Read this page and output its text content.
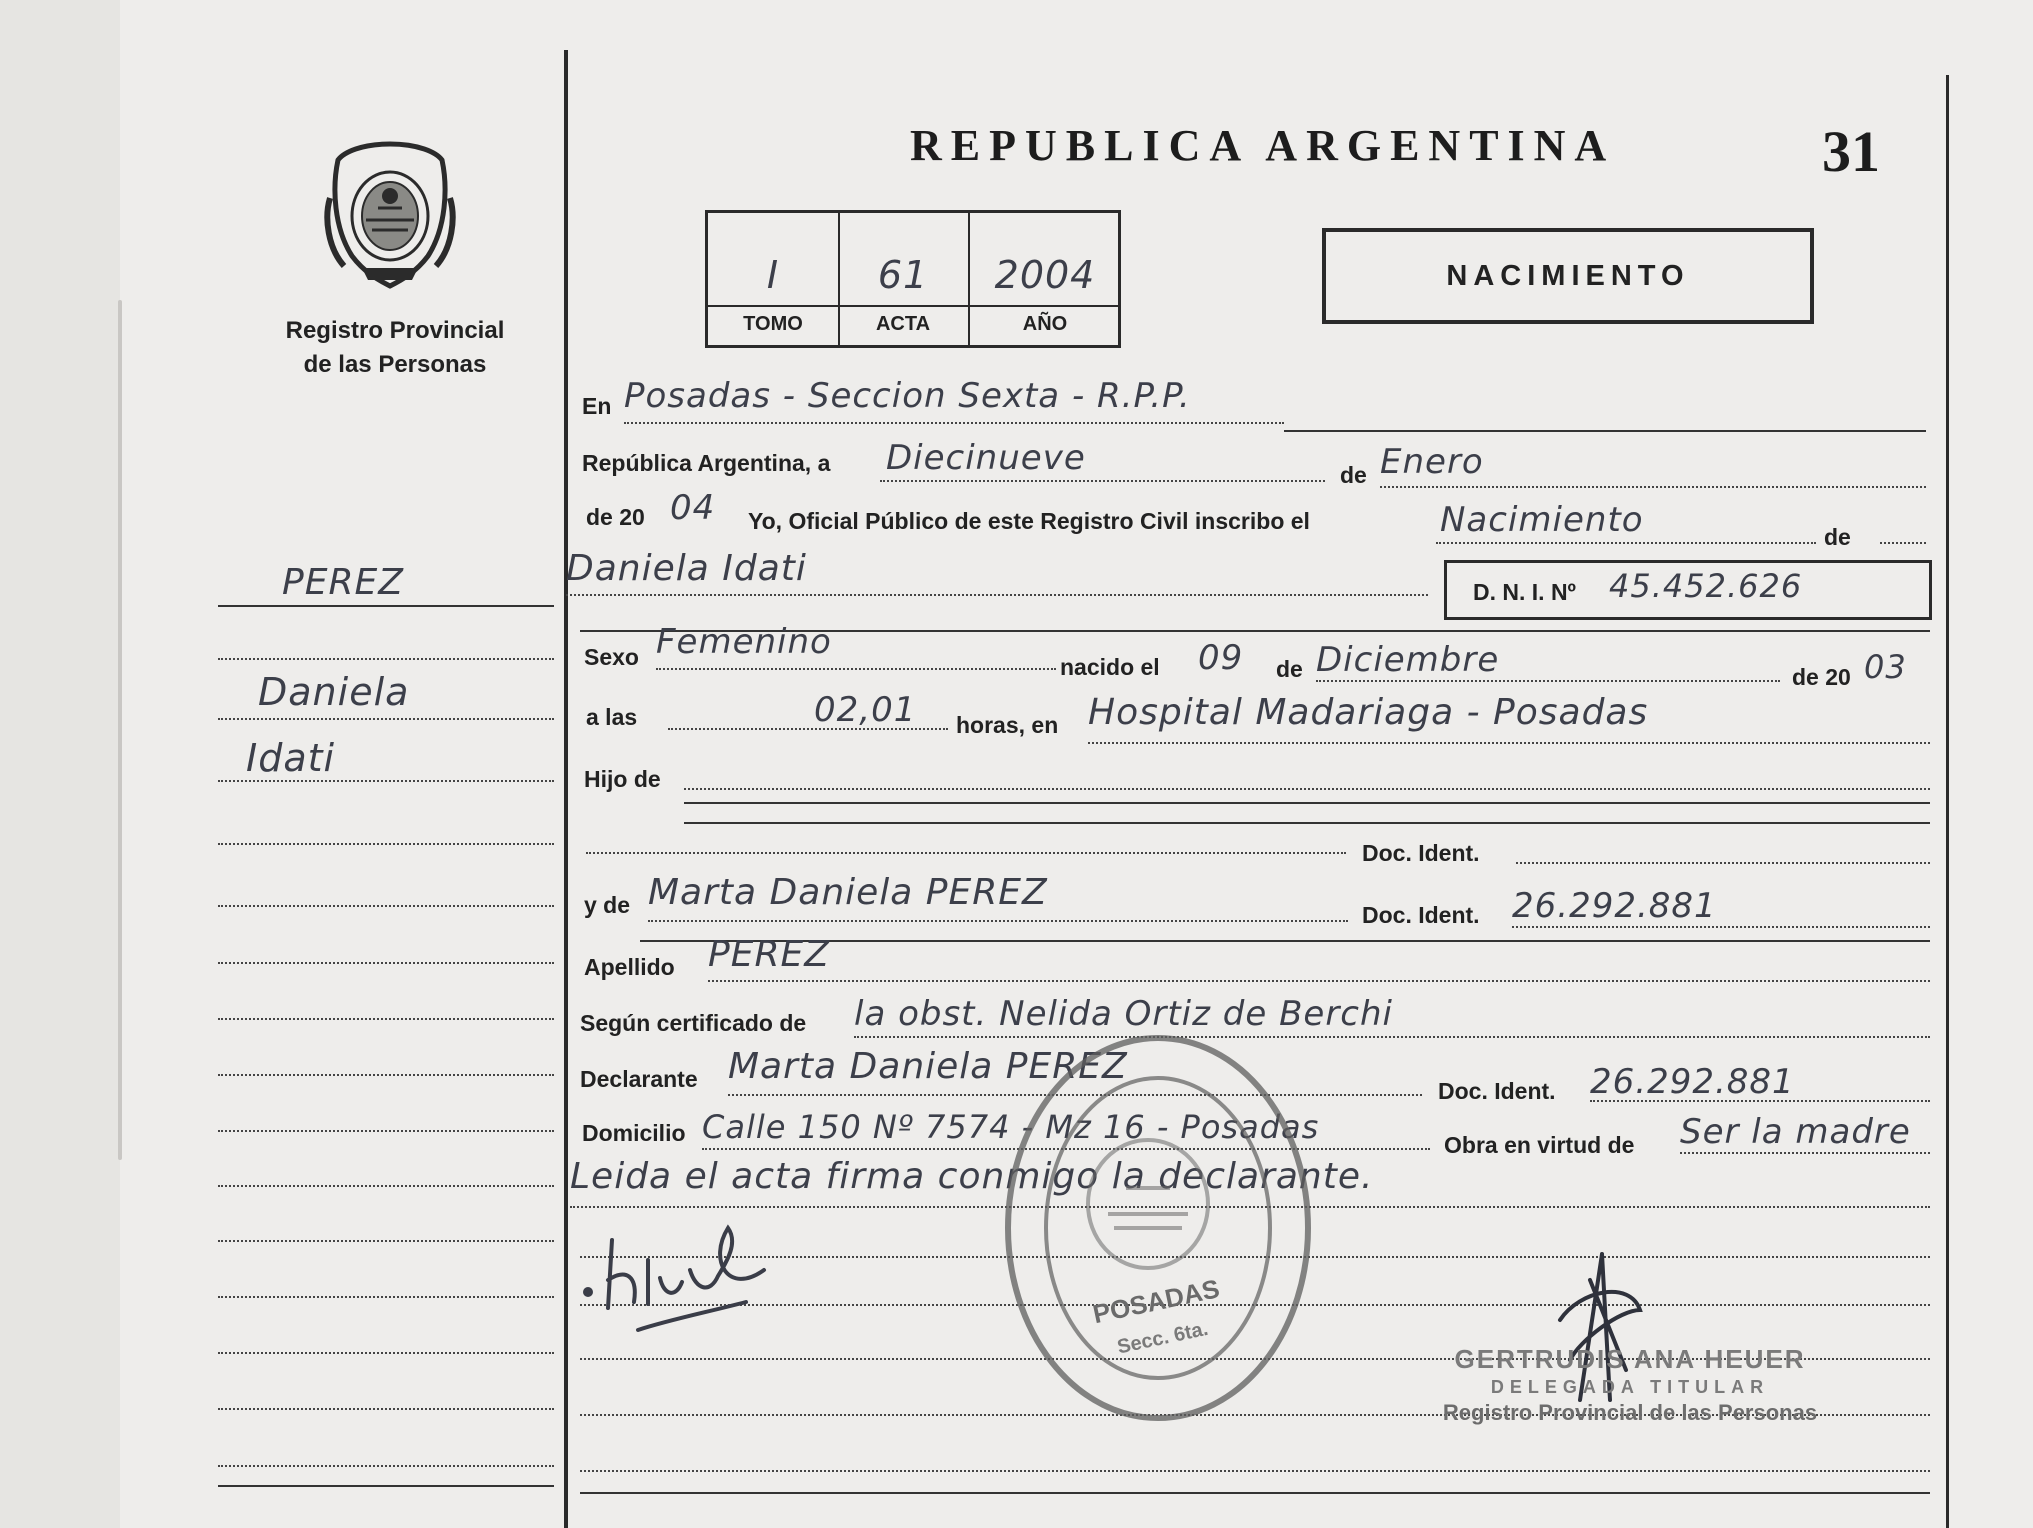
Registro Provincial
de las Personas
PEREZ
Daniela
Idati
REPUBLICA ARGENTINA	31
I	61	2004
TOMO	ACTA	AÑO
NACIMIENTO
En Posadas - Seccion Sexta - R.P.P.
República Argentina, a Diecinueve	de Enero
de 20 04 Yo, Oficial Público de este Registro Civil inscribo el	Nacimiento	de
Daniela Idati
D. N. I. Nº 45.452.626
Sexo Femenino
nacido el 09 de Diciembre	de 20 03
a las	02,01 horas, en Hospital Madariaga - Posadas
Hijo de
Doc. Ident.
y de Marta Daniela PEREZ
Doc. Ident. 26.292.881
Apellido PEREZ
Según certificado de la obst. Nelida Ortiz de Berchi
Declarante Marta Daniela PEREZ
Doc. Ident. 26.292.881
Domicilio Calle 150 Nº 7574 - Mz 16 - Posadas	Obra en virtud de Ser la madre
Leida el acta firma conmigo la declarante.
POSADAS
Secc. 6ta.
GERTRUDIS ANA HEUER
DELEGADA TITULAR
Registro Provincial de las Personas
